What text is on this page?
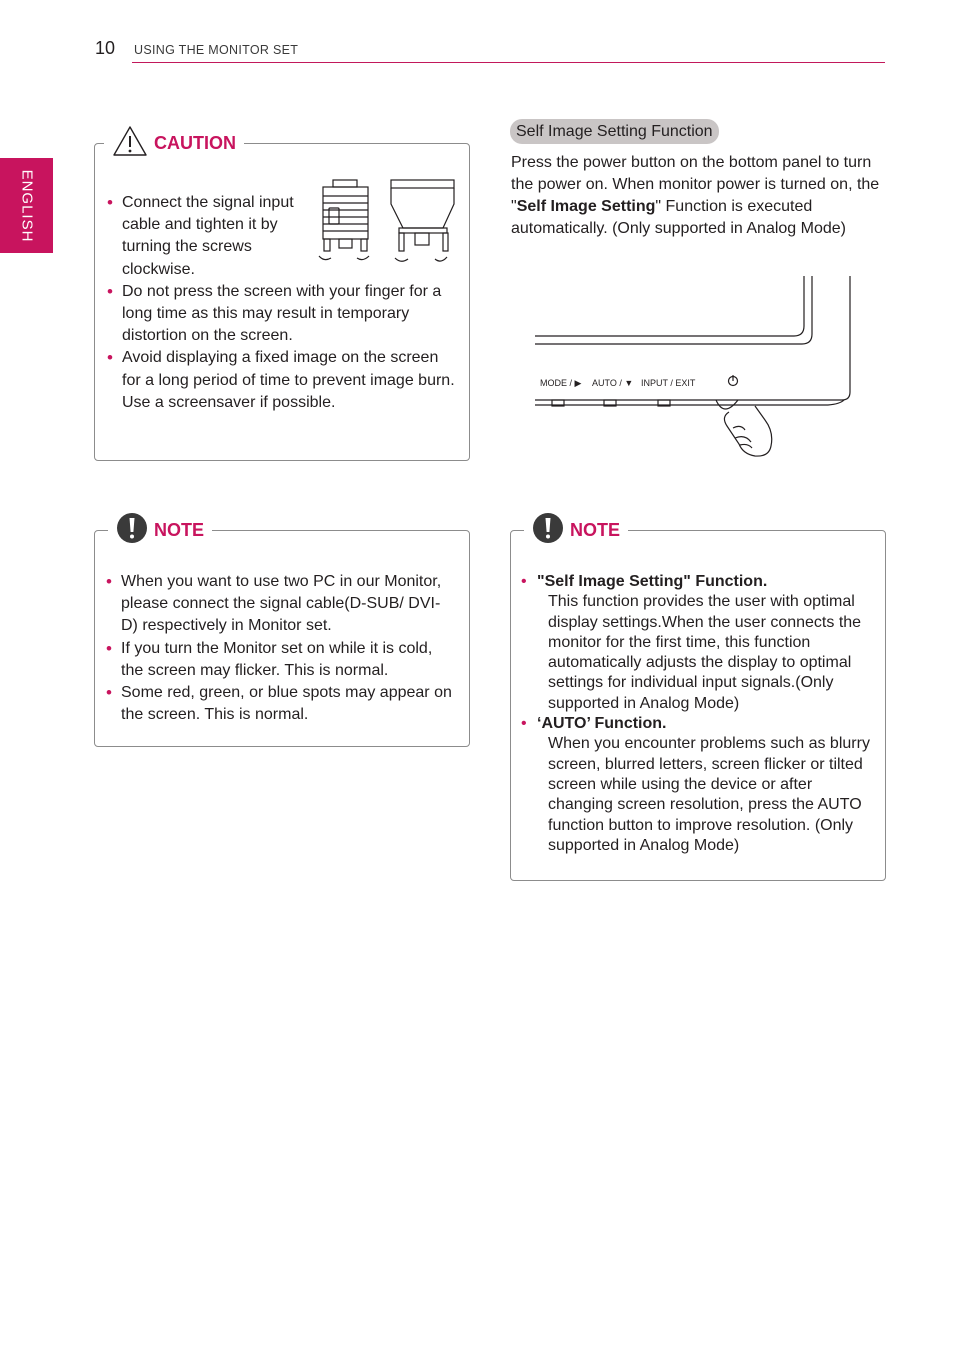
10 USING THE MONITOR SET
ENGLISH
CAUTION
• Connect the signal input cable and tighten it by turning the screws clockwise.
• Do not press the screen with your finger for a long time as this may result in temporary distortion on the screen.
• Avoid displaying a fixed image on the screen for a long period of time to prevent image burn. Use a screensaver if possible.
NOTE
• When you want to use two PC in our Monitor, please connect the signal cable(D-SUB/ DVI-D) respectively in Monitor set.
• If you turn the Monitor set on while it is cold, the screen may flicker. This is normal.
• Some red, green, or blue spots may appear on the screen. This is normal.
Self Image Setting Function
Press the power button on the bottom panel to turn the power on. When monitor power is turned on, the "Self Image Setting" Function is executed automatically. (Only supported in Analog Mode)
MODE / ▶ AUTO / ▼ INPUT / EXIT
NOTE
• "Self Image Setting" Function.
This function provides the user with optimal display settings.When the user connects the monitor for the first time, this function automatically adjusts the display to optimal settings for individual input signals.(Only supported in Analog Mode)
• ‘AUTO’ Function.
When you encounter problems such as blurry screen, blurred letters, screen flicker or tilted screen while using the device or after changing screen resolution, press the AUTO function button to improve resolution. (Only supported in Analog Mode)
